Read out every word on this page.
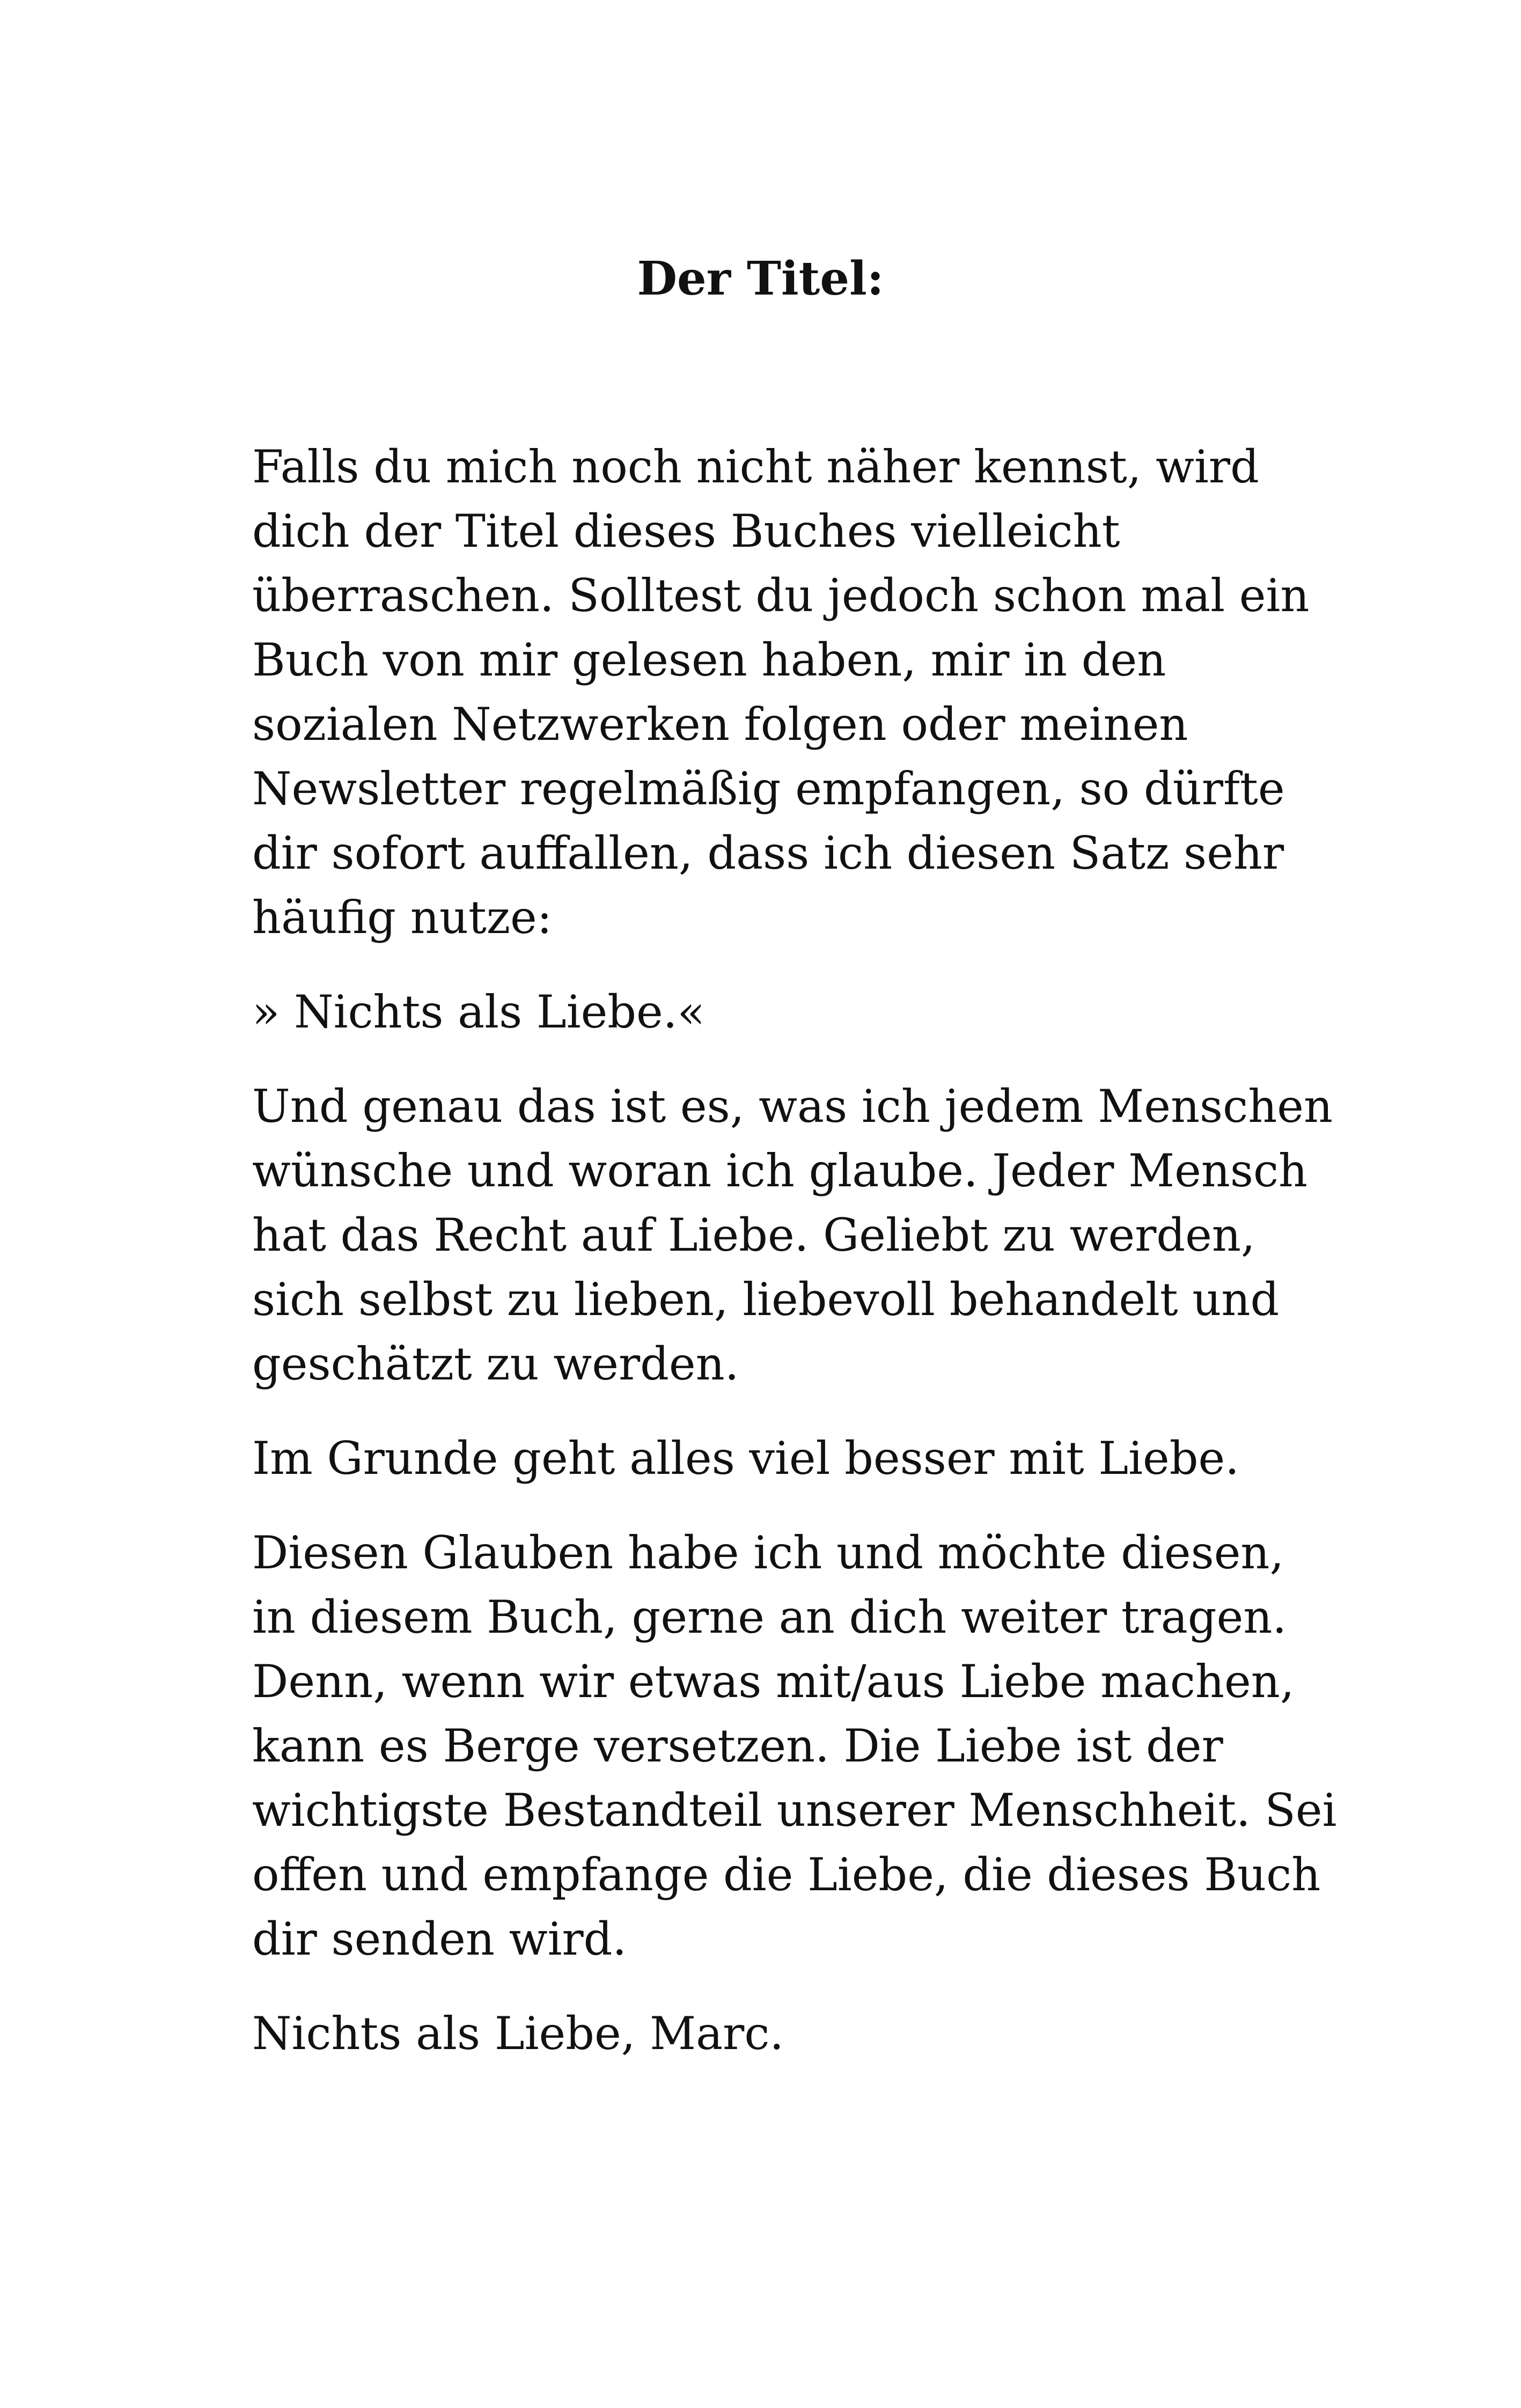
Der Titel:

Falls du mich noch nicht näher kennst, wird
dich der Titel dieses Buches vielleicht
überraschen. Solltest du jedoch schon mal ein
Buch von mir gelesen haben, mir in den
sozialen Netzwerken folgen oder meinen
Newsletter regelmäßig empfangen, so dürfte
dir sofort auffallen, dass ich diesen Satz sehr
häufig nutze:

» Nichts als Liebe.«

Und genau das ist es, was ich jedem Menschen
wünsche und woran ich glaube. Jeder Mensch
hat das Recht auf Liebe. Geliebt zu werden,
sich selbst zu lieben, liebevoll behandelt und
geschätzt zu werden.

Im Grunde geht alles viel besser mit Liebe.

Diesen Glauben habe ich und möchte diesen,
in diesem Buch, gerne an dich weiter tragen.
Denn, wenn wir etwas mit/aus Liebe machen,
kann es Berge versetzen. Die Liebe ist der
wichtigste Bestandteil unserer Menschheit. Sei
offen und empfange die Liebe, die dieses Buch
dir senden wird.

Nichts als Liebe, Marc.
